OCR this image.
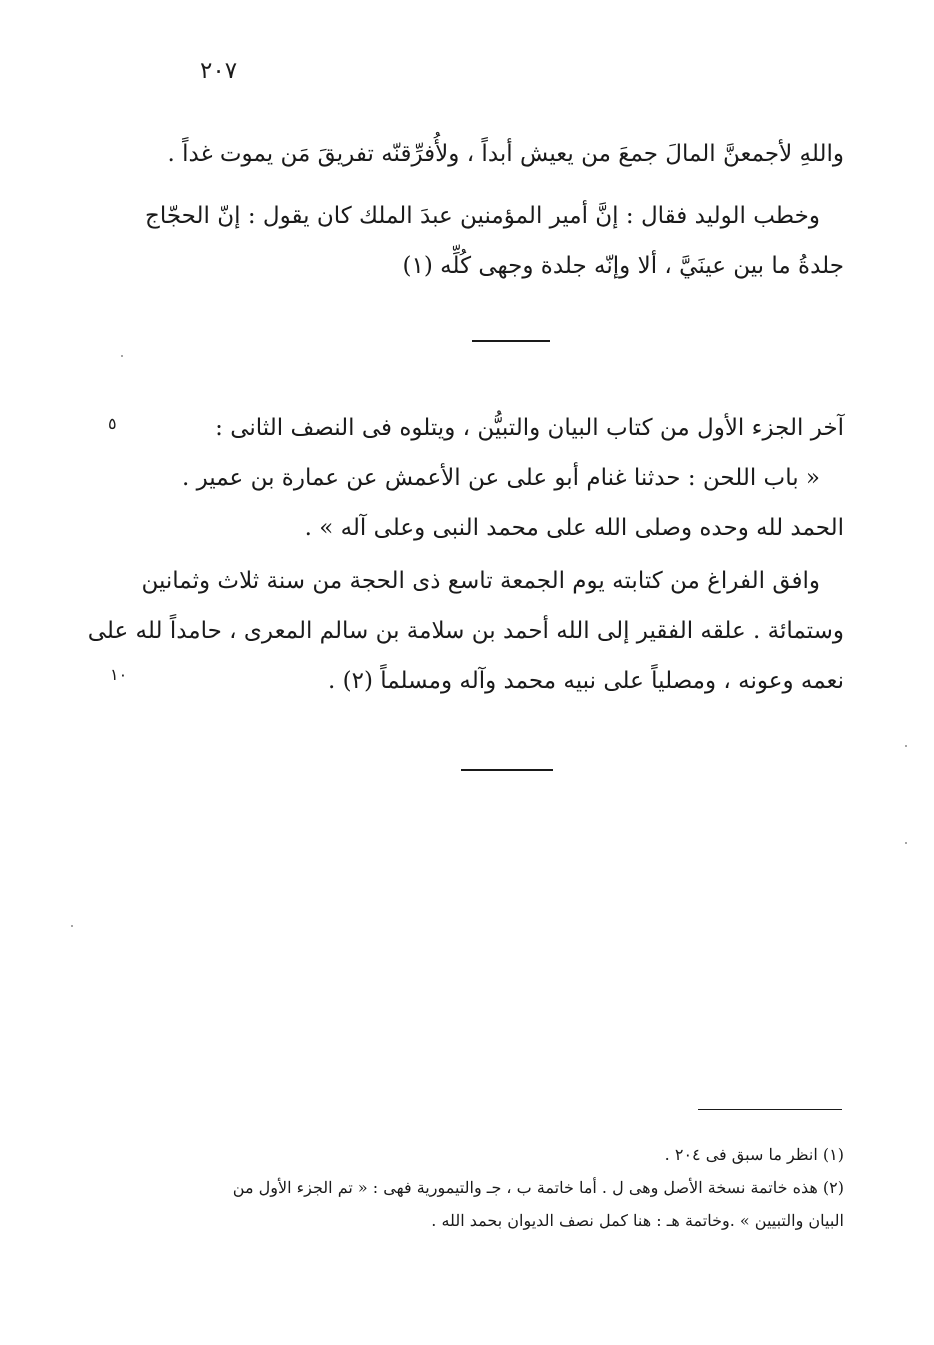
٢٠٧
واللهِ لأجمعنَّ المالَ جمعَ من يعيش أبداً ، ولأُفرِّقنّه تفريقَ مَن يموت غداً .
وخطب الوليد فقال : إنَّ أمير المؤمنين عبدَ الملك كان يقول : إنّ الحجّاج
جلدةُ ما بين عينَيَّ ، ألا وإنّه جلدة وجهى كُلِّه (١)
آخر الجزء الأول من كتاب البيان والتبيُّن ، ويتلوه فى النصف الثانى :
« باب اللحن : حدثنا غنام أبو على عن الأعمش عن عمارة بن عمير .
الحمد لله وحده وصلى الله على محمد النبى وعلى آله » .
٥
وافق الفراغ من كتابته يوم الجمعة تاسع ذى الحجة من سنة ثلاث وثمانين
وستمائة . علقه الفقير إلى الله أحمد بن سلامة بن سالم المعرى ، حامداً لله على
نعمه وعونه ، ومصلياً على نبيه محمد وآله ومسلماً (٢) .
١٠
(١) انظر ما سبق فى ٢٠٤ .
(٢) هذه خاتمة نسخة الأصل وهى ل . أما خاتمة ب ، جـ والتيمورية فهى : « تم الجزء الأول من
البيان والتبيين » .وخاتمة هـ : هنا كمل نصف الديوان بحمد الله .
